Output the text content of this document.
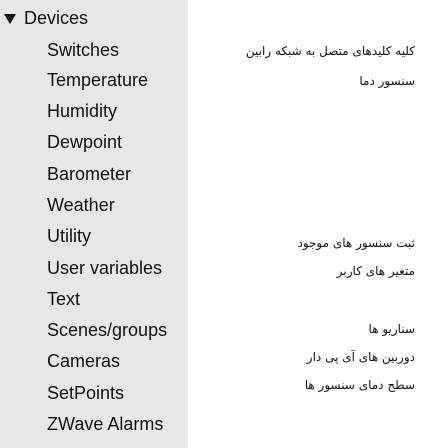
Devices
Switches
Temperature
Humidity
Dewpoint
Barometer
Weather
Utility
User variables
Text
Scenes/groups
Cameras
SetPoints
ZWave Alarms
کلیه کلیدهای متصل به شبکه رابین
سنسور دما
ثبت سنسور های موجود
متغیر های کاربر
سناریو ها
دوربین های آی پی دار
سطح دمای سنسور ها
